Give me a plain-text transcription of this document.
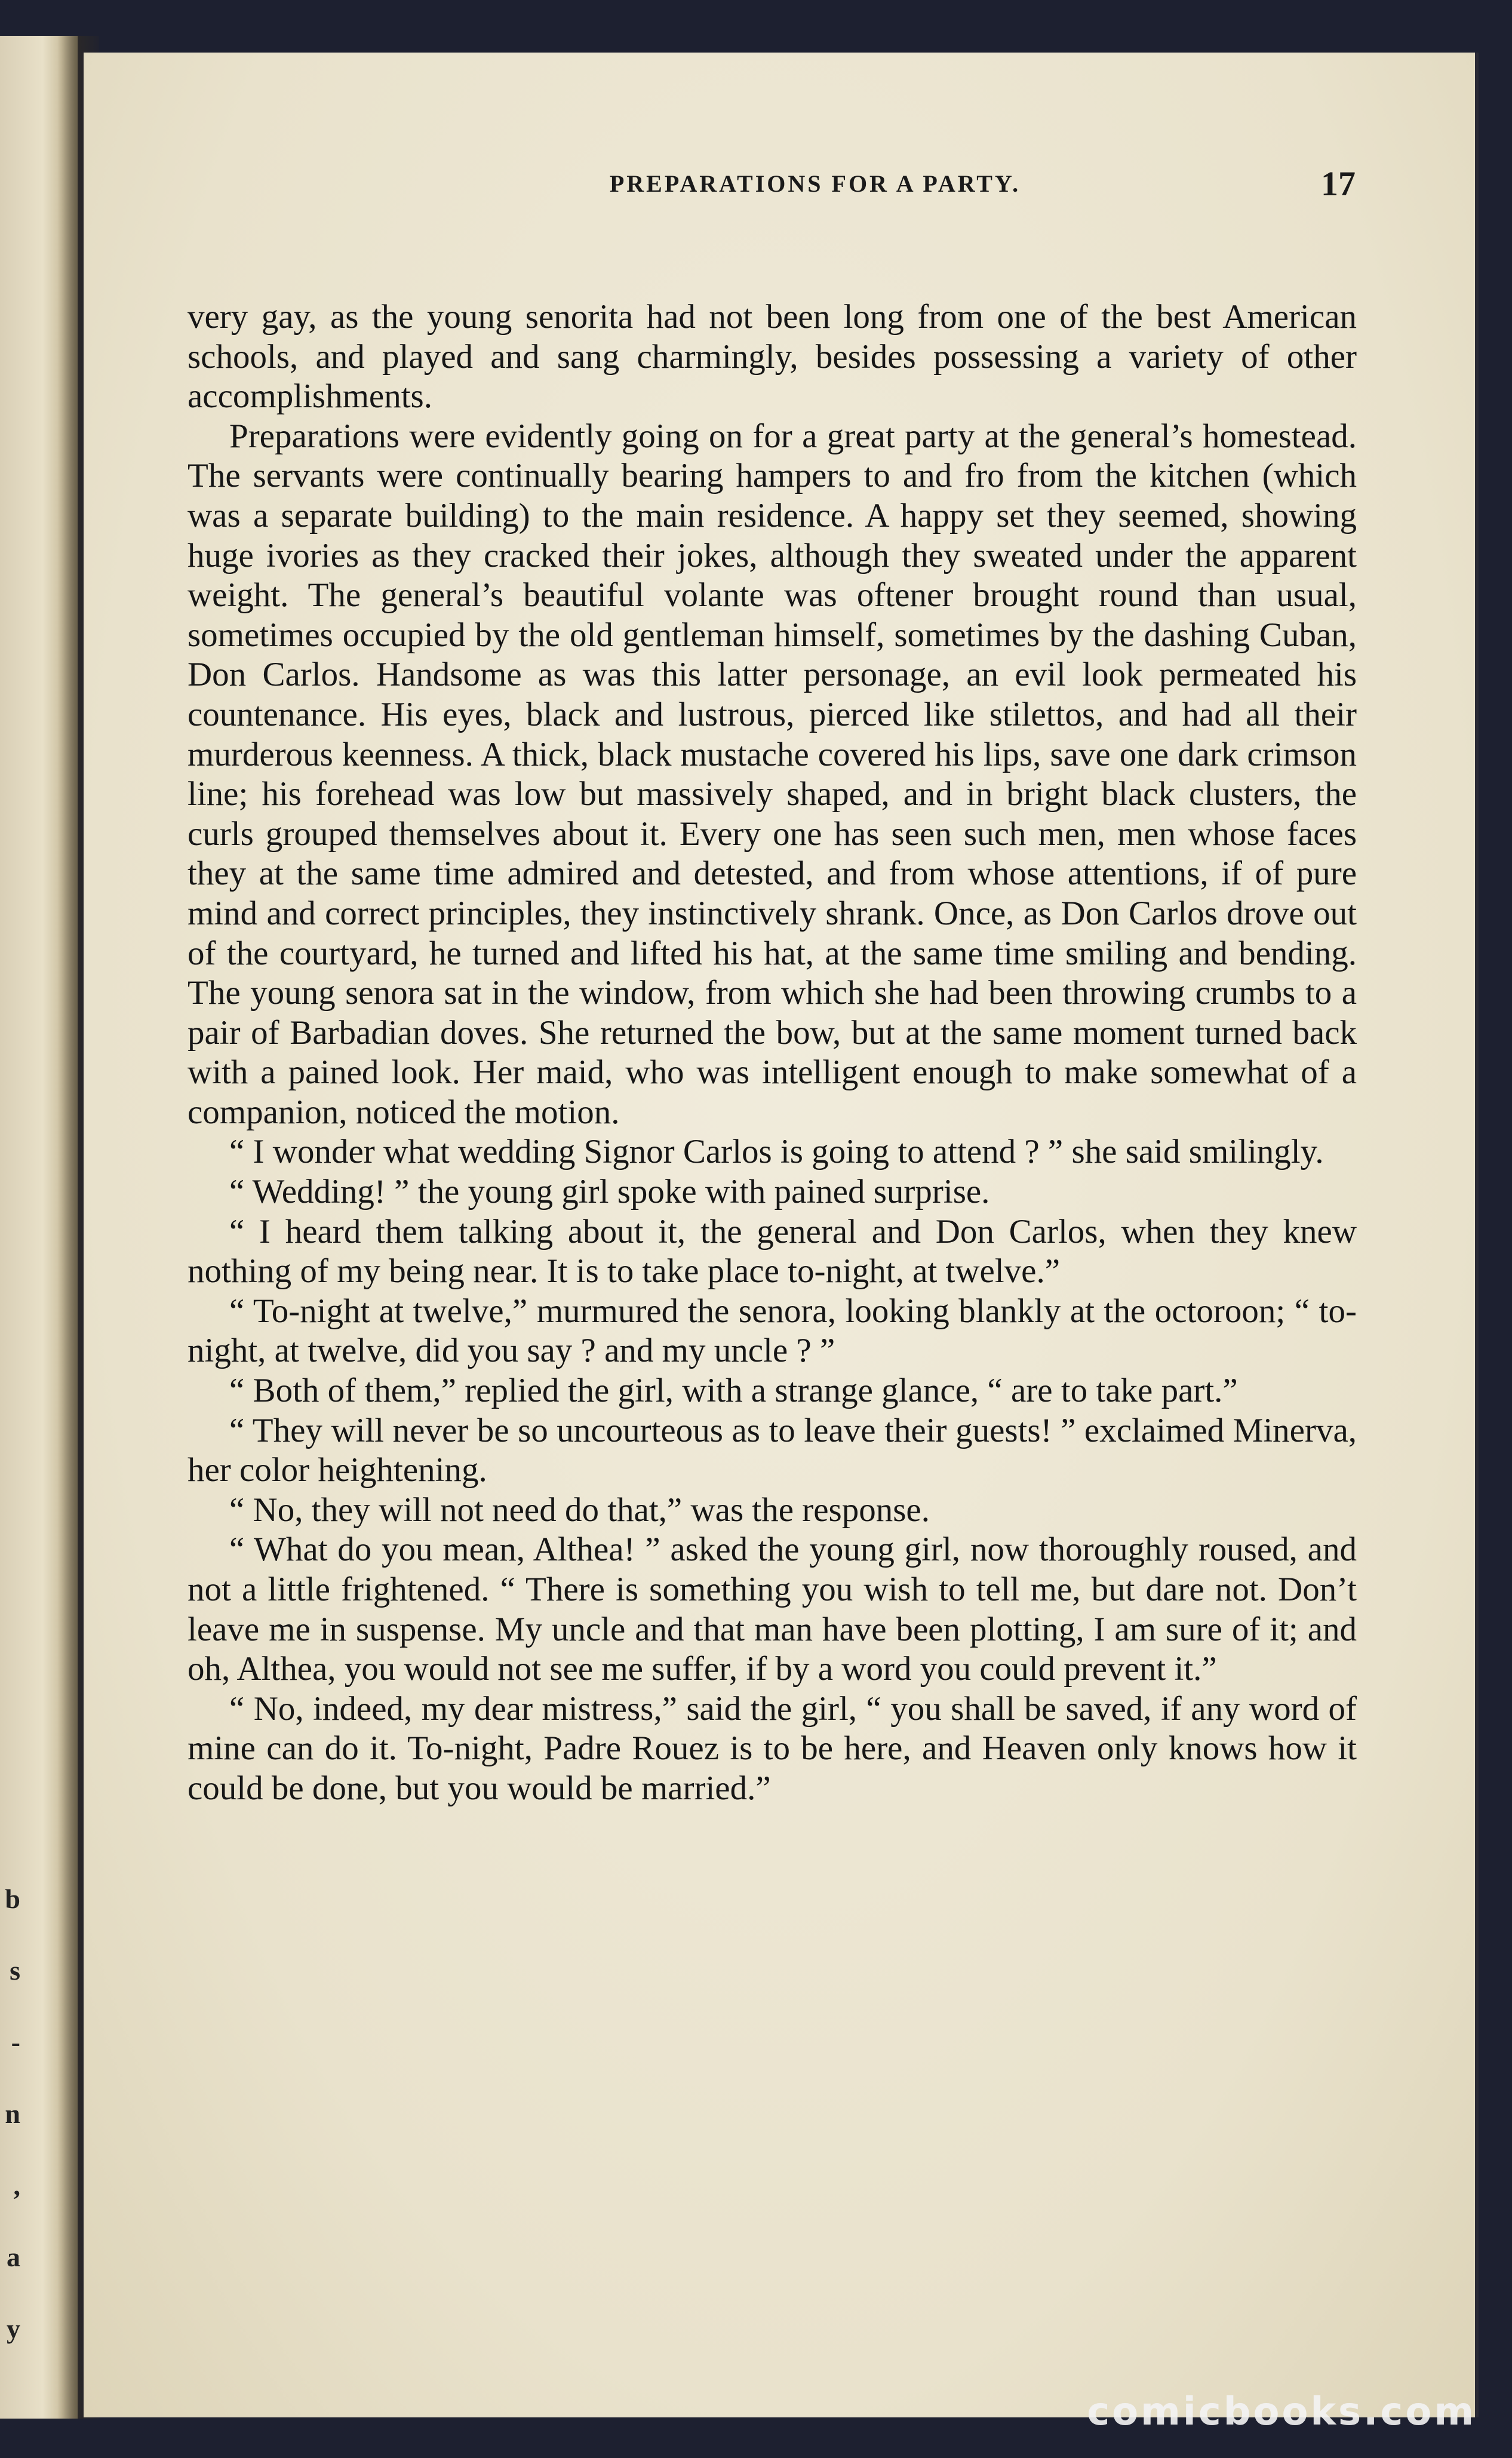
b
s
-
n
,
a
y
PREPARATIONS FOR A PARTY.	17

very gay, as the young senorita had not been long from one of the best American schools, and played and sang charmingly, besides possessing a variety of other accomplishments.

Preparations were evidently going on for a great party at the general’s homestead. The servants were continually bearing hampers to and fro from the kitchen (which was a separate building) to the main residence. A happy set they seemed, showing huge ivories as they cracked their jokes, although they sweated under the apparent weight. The general’s beautiful volante was oftener brought round than usual, sometimes occupied by the old gentleman himself, sometimes by the dashing Cuban, Don Carlos. Handsome as was this latter personage, an evil look permeated his countenance. His eyes, black and lustrous, pierced like stilettos, and had all their murderous keenness. A thick, black mustache covered his lips, save one dark crimson line; his forehead was low but massively shaped, and in bright black clusters, the curls grouped themselves about it. Every one has seen such men, men whose faces they at the same time admired and detested, and from whose attentions, if of pure mind and correct principles, they instinctively shrank. Once, as Don Carlos drove out of the courtyard, he turned and lifted his hat, at the same time smiling and bending. The young senora sat in the window, from which she had been throwing crumbs to a pair of Barbadian doves. She returned the bow, but at the same moment turned back with a pained look. Her maid, who was intelligent enough to make somewhat of a companion, noticed the motion.

“ I wonder what wedding Signor Carlos is going to attend ? ” she said smilingly.

“ Wedding! ” the young girl spoke with pained surprise.

“ I heard them talking about it, the general and Don Carlos, when they knew nothing of my being near. It is to take place to-night, at twelve.”

“ To-night at twelve,” murmured the senora, looking blankly at the octoroon; “ to-night, at twelve, did you say ? and my uncle ? ”

“ Both of them,” replied the girl, with a strange glance, “ are to take part.”

“ They will never be so uncourteous as to leave their guests! ” exclaimed Minerva, her color heightening.

“ No, they will not need do that,” was the response.

“ What do you mean, Althea! ” asked the young girl, now thoroughly roused, and not a little frightened. “ There is something you wish to tell me, but dare not. Don’t leave me in suspense. My uncle and that man have been plotting, I am sure of it; and oh, Althea, you would not see me suffer, if by a word you could prevent it.”

“ No, indeed, my dear mistress,” said the girl, “ you shall be saved, if any word of mine can do it. To-night, Padre Rouez is to be here, and Heaven only knows how it could be done, but you would be married.”

comicbooks.com
